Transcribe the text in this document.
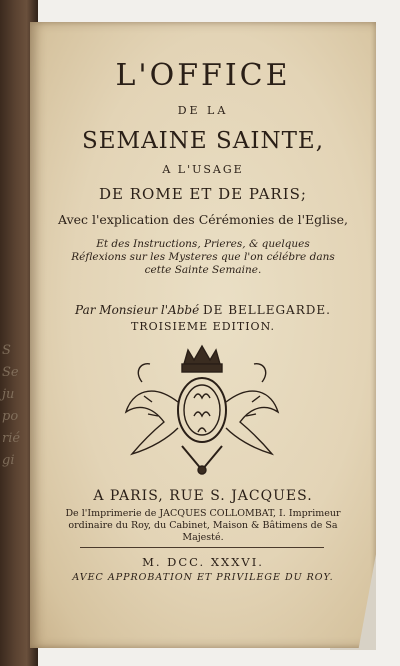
S
Se
ju
po
rié
gi
L'OFFICE
DE LA
SEMAINE SAINTE,
A L'USAGE
DE ROME ET DE PARIS;
Avec l'explication des Cérémonies de l'Eglise,
Et des Instructions, Prieres, & quelques Réflexions sur les Mysteres que l'on célébre dans cette Sainte Semaine.
Par Monsieur l'Abbé DE BELLEGARDE.
TROISIEME EDITION.
A PARIS, RUE S. JACQUES.
De l'Imprimerie de JACQUES COLLOMBAT, I. Imprimeur ordinaire du Roy, du Cabinet, Maison & Bâtimens de Sa Majesté.
M. DCC. XXXVI.
AVEC APPROBATION ET PRIVILEGE DU ROY.
